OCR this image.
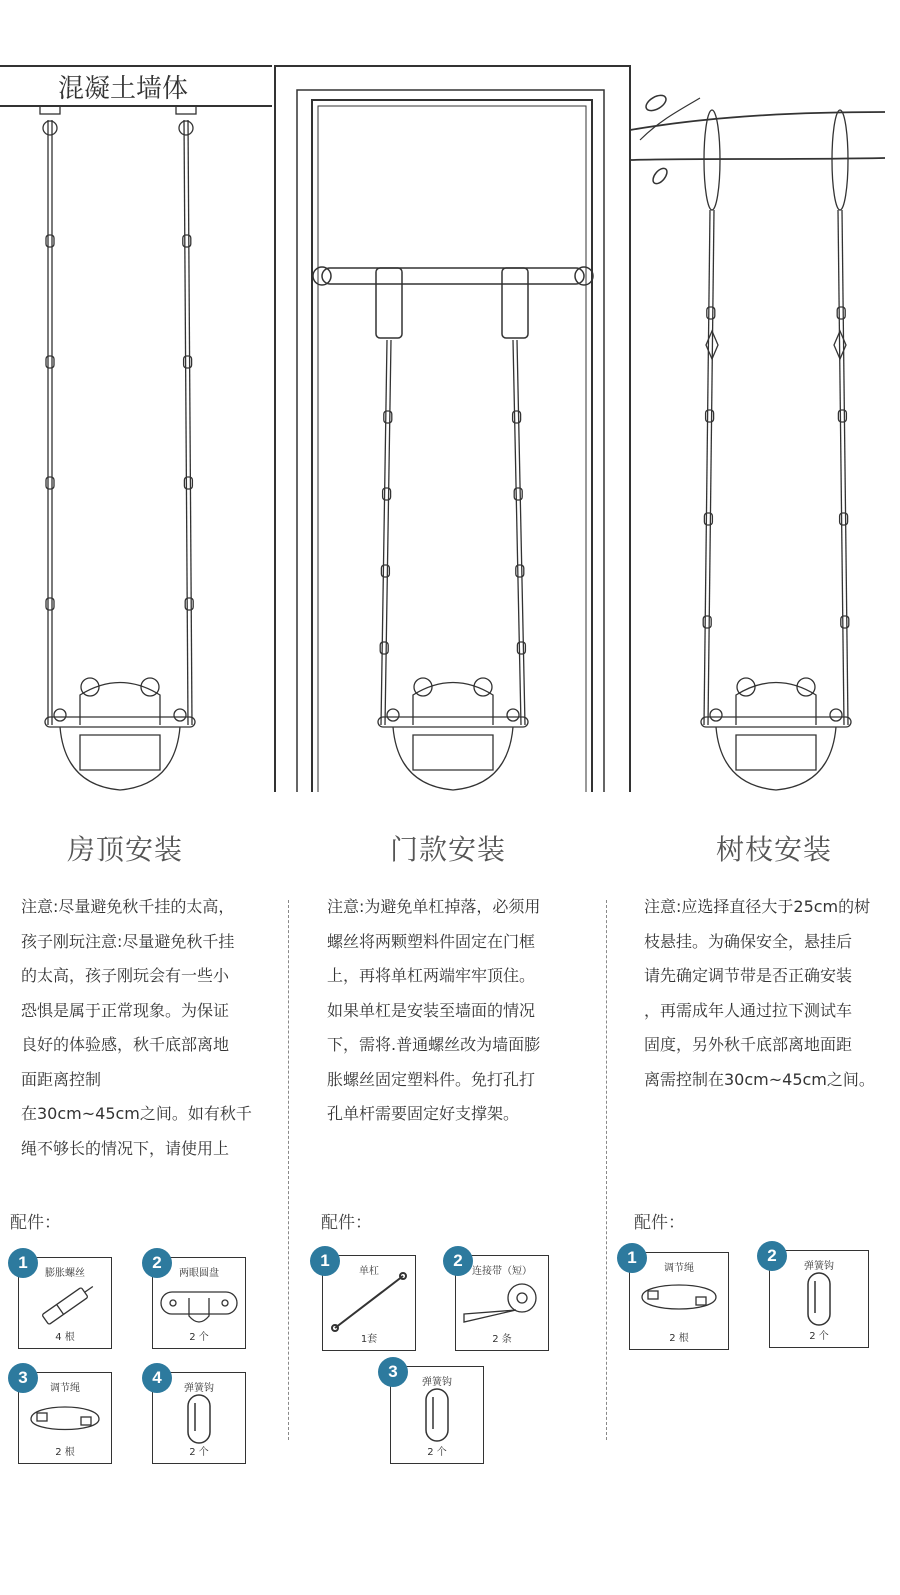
混凝土墙体
房顶安装	门款安装	树枝安装

注意:尽量避免秋千挂的太高，

孩子刚玩注意:尽量避免秋千挂

的太高，孩子刚玩会有一些小

恐惧是属于正常现象。为保证

良好的体验感，秋千底部离地

面距离控制

在30cm~45cm之间。如有秋千

绳不够长的情况下，请使用上

注意:为避免单杠掉落，必须用

螺丝将两颗塑料件固定在门框

上，再将单杠两端牢牢顶住。

如果单杠是安装至墙面的情况

下，需将.普通螺丝改为墙面膨

胀螺丝固定塑料件。免打孔打

孔单杆需要固定好支撑架。

注意:应选择直径大于25cm的树

枝悬挂。为确保安全，悬挂后

请先确定调节带是否正确安装

，再需成年人通过拉下测试车

固度，另外秋千底部离地面距

离需控制在30cm~45cm之间。

配件：	配件：	配件：
膨胀螺丝
4 根
两眼圆盘
2 个
调节绳
2 根
弹簧钩
2 个
1	2
3	4
单杠
1套
连接带（短）
2 条
弹簧钩
2 个
1	2
3
调节绳
2 根
弹簧钩
2 个
1	2
